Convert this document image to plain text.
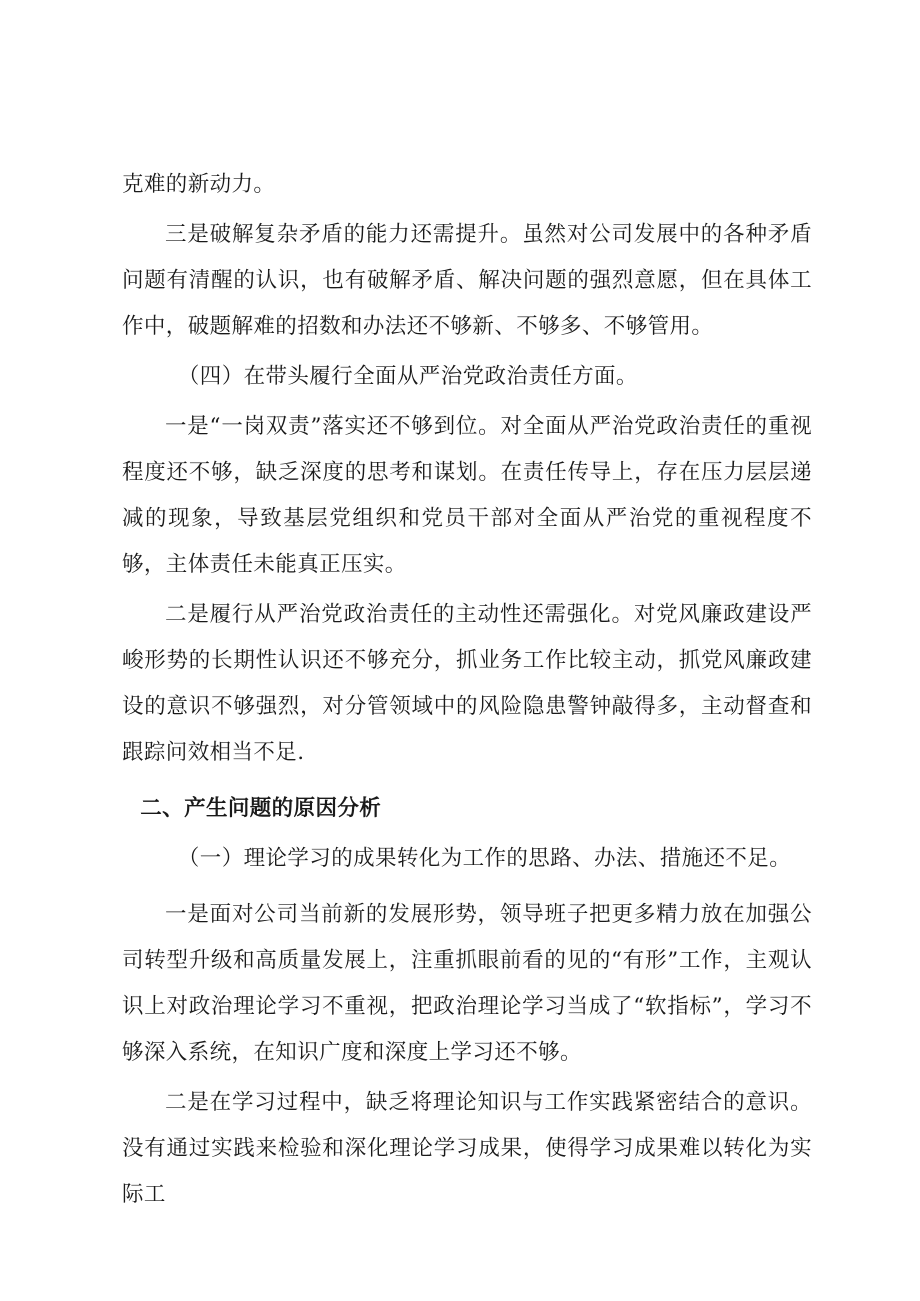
克难的新动力。

三是破解复杂矛盾的能力还需提升。虽然对公司发展中的各种矛盾问题有清醒的认识，也有破解矛盾、解决问题的强烈意愿，但在具体工作中，破题解难的招数和办法还不够新、不够多、不够管用。

（四）在带头履行全面从严治党政治责任方面。

一是“一岗双责”落实还不够到位。对全面从严治党政治责任的重视程度还不够，缺乏深度的思考和谋划。在责任传导上，存在压力层层递减的现象，导致基层党组织和党员干部对全面从严治党的重视程度不够，主体责任未能真正压实。

二是履行从严治党政治责任的主动性还需强化。对党风廉政建设严峻形势的长期性认识还不够充分，抓业务工作比较主动，抓党风廉政建设的意识不够强烈，对分管领域中的风险隐患警钟敲得多，主动督查和跟踪问效相当不足.

二、产生问题的原因分析

（一）理论学习的成果转化为工作的思路、办法、措施还不足。

一是面对公司当前新的发展形势，领导班子把更多精力放在加强公司转型升级和高质量发展上，注重抓眼前看的见的“有形”工作，主观认识上对政治理论学习不重视，把政治理论学习当成了“软指标”，学习不够深入系统，在知识广度和深度上学习还不够。

二是在学习过程中，缺乏将理论知识与工作实践紧密结合的意识。没有通过实践来检验和深化理论学习成果，使得学习成果难以转化为实际工
